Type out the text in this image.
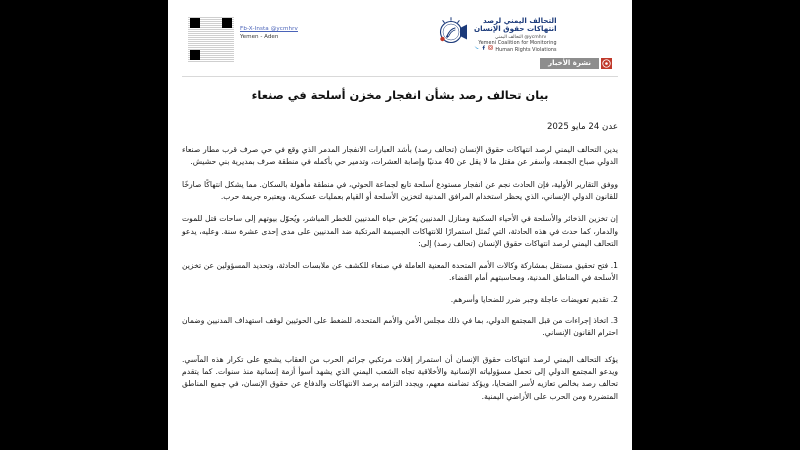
Fb-X-Insta @ycmhrv
Yemen - Aden
التحالف اليمني لرصد
انتهاكات حقوق الإنسان
ycmhrv@ التحالف اليمني
Yemeni Coalition for Monitoring
Human Rights Violations
نشرة الأخبار
بيان تحالف رصد بشأن انفجار مخزن أسلحة في صنعاء
عدن 24 مايو 2025

يدين التحالف اليمني لرصد انتهاكات حقوق الإنسان (تحالف رصد) بأشد العبارات الانفجار المدمر الذي وقع في حي صرف قرب مطار صنعاء الدولي صباح الجمعة، وأسفر عن مقتل ما لا يقل عن 40 مدنيًا وإصابة العشرات، وتدمير حي بأكمله في منطقة صرف بمديرية بني حشيش.

ووفق التقارير الأولية، فإن الحادث نجم عن انفجار مستودع أسلحة تابع لجماعة الحوثي، في منطقة مأهولة بالسكان. مما يشكل انتهاكًا صارخًا للقانون الدولي الإنساني، الذي يحظر استخدام المرافق المدنية لتخزين الأسلحة أو القيام بعمليات عسكرية، ويعتبره جريمة حرب.

إن تخزين الذخائر والأسلحة في الأحياء السكنية ومنازل المدنيين يُعرّض حياة المدنيين للخطر المباشر، ويُحوّل بيوتهم إلى ساحات قتل للموت والدمار، كما حدث في هذه الحادثة، التي تُمثل استمرارًا للانتهاكات الجسيمة المرتكبة ضد المدنيين على مدى إحدى عشرة سنة. وعليه، يدعو التحالف اليمني لرصد انتهاكات حقوق الإنسان (تحالف رصد) إلى:

1. فتح تحقيق مستقل بمشاركة وكالات الأمم المتحدة المعنية العاملة في صنعاء للكشف عن ملابسات الحادثة، وتحديد المسؤولين عن تخزين الأسلحة في المناطق المدنية، ومحاسبتهم أمام القضاء.
2. تقديم تعويضات عاجلة وجبر ضرر للضحايا وأسرهم.
3. اتخاذ إجراءات من قبل المجتمع الدولي، بما في ذلك مجلس الأمن والأمم المتحدة، للضغط على الحوثيين لوقف استهداف المدنيين وضمان احترام القانون الإنساني.

يؤكد التحالف اليمني لرصد انتهاكات حقوق الإنسان أن استمرار إفلات مرتكبي جرائم الحرب من العقاب يشجع على تكرار هذه المآسي. ويدعو المجتمع الدولي إلى تحمل مسؤولياته الإنسانية والأخلاقية تجاه الشعب اليمني الذي يشهد أسوأ أزمة إنسانية منذ سنوات. كما يتقدم تحالف رصد بخالص تعازيه لأسر الضحايا، ويؤكد تضامنه معهم، ويجدد التزامه برصد الانتهاكات والدفاع عن حقوق الإنسان، في جميع المناطق المتضررة ومن الحرب على الأراضي اليمنية.
